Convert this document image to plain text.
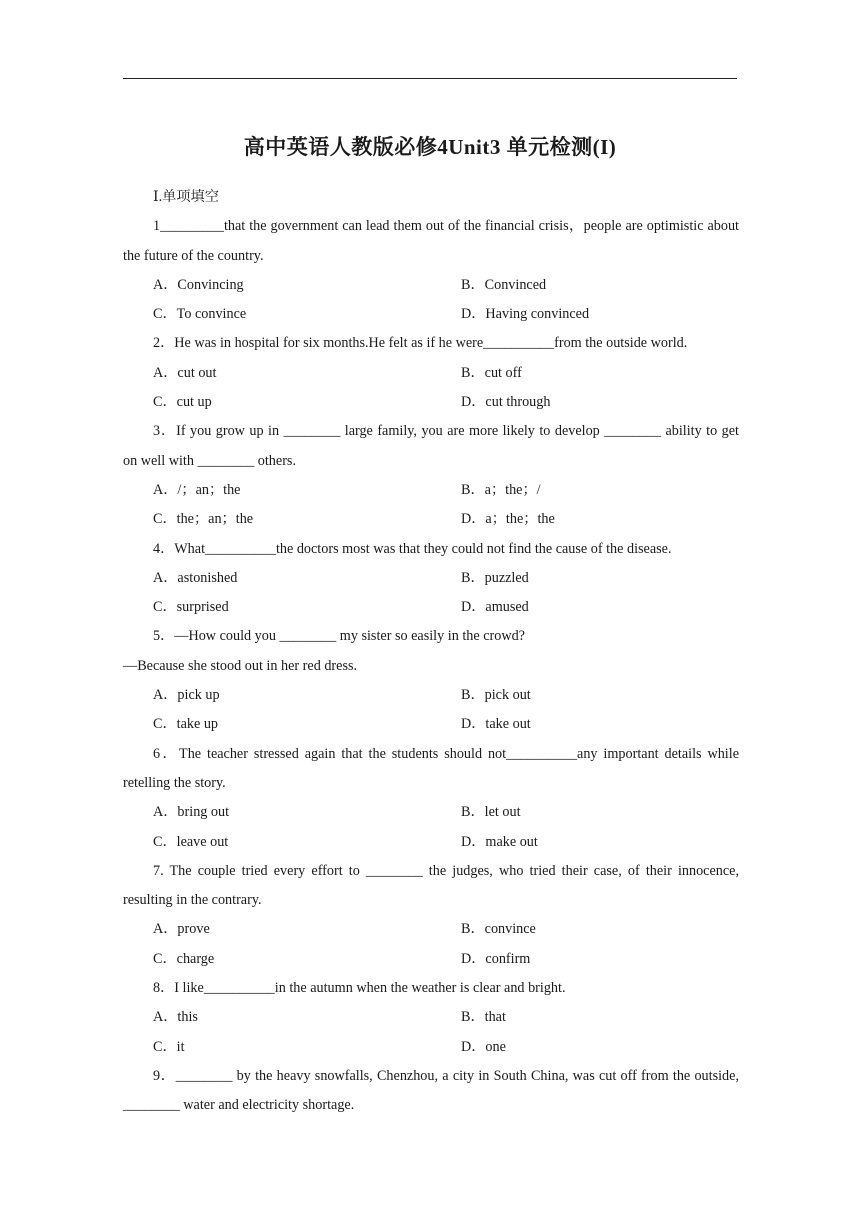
高中英语人教版必修4Unit3 单元检测(I)
Ⅰ.单项填空
1_________that the government can lead them out of the financial crisis，people are optimistic about the future of the country.
A．Convincing	B．Convinced
C．To convince	D．Having convinced
2．He was in hospital for six months.He felt as if he were__________from the outside world.
A．cut out	B．cut off
C．cut up	D．cut through
3．If you grow up in ________ large family, you are more likely to develop ________ ability to get on well with ________ others.
A．/；an；the	B．a；the；/
C．the；an；the	D．a；the；the
4．What__________the doctors most was that they could not find the cause of the disease.
A．astonished	B．puzzled
C．surprised	D．amused
5．—How could you ________ my sister so easily in the crowd?
—Because she stood out in her red dress.
A．pick up	B．pick out
C．take up	D．take out
6．The teacher stressed again that the students should not__________any important details while retelling the story.
A．bring out	B．let out
C．leave out	D．make out
7. The couple tried every effort to ________ the judges, who tried their case, of their innocence, resulting in the contrary.
A．prove	B．convince
C．charge	D．confirm
8．I like__________in the autumn when the weather is clear and bright.
A．this	B．that
C．it	D．one
9．________ by the heavy snowfalls, Chenzhou, a city in South China, was cut off from the outside, ________ water and electricity shortage.
